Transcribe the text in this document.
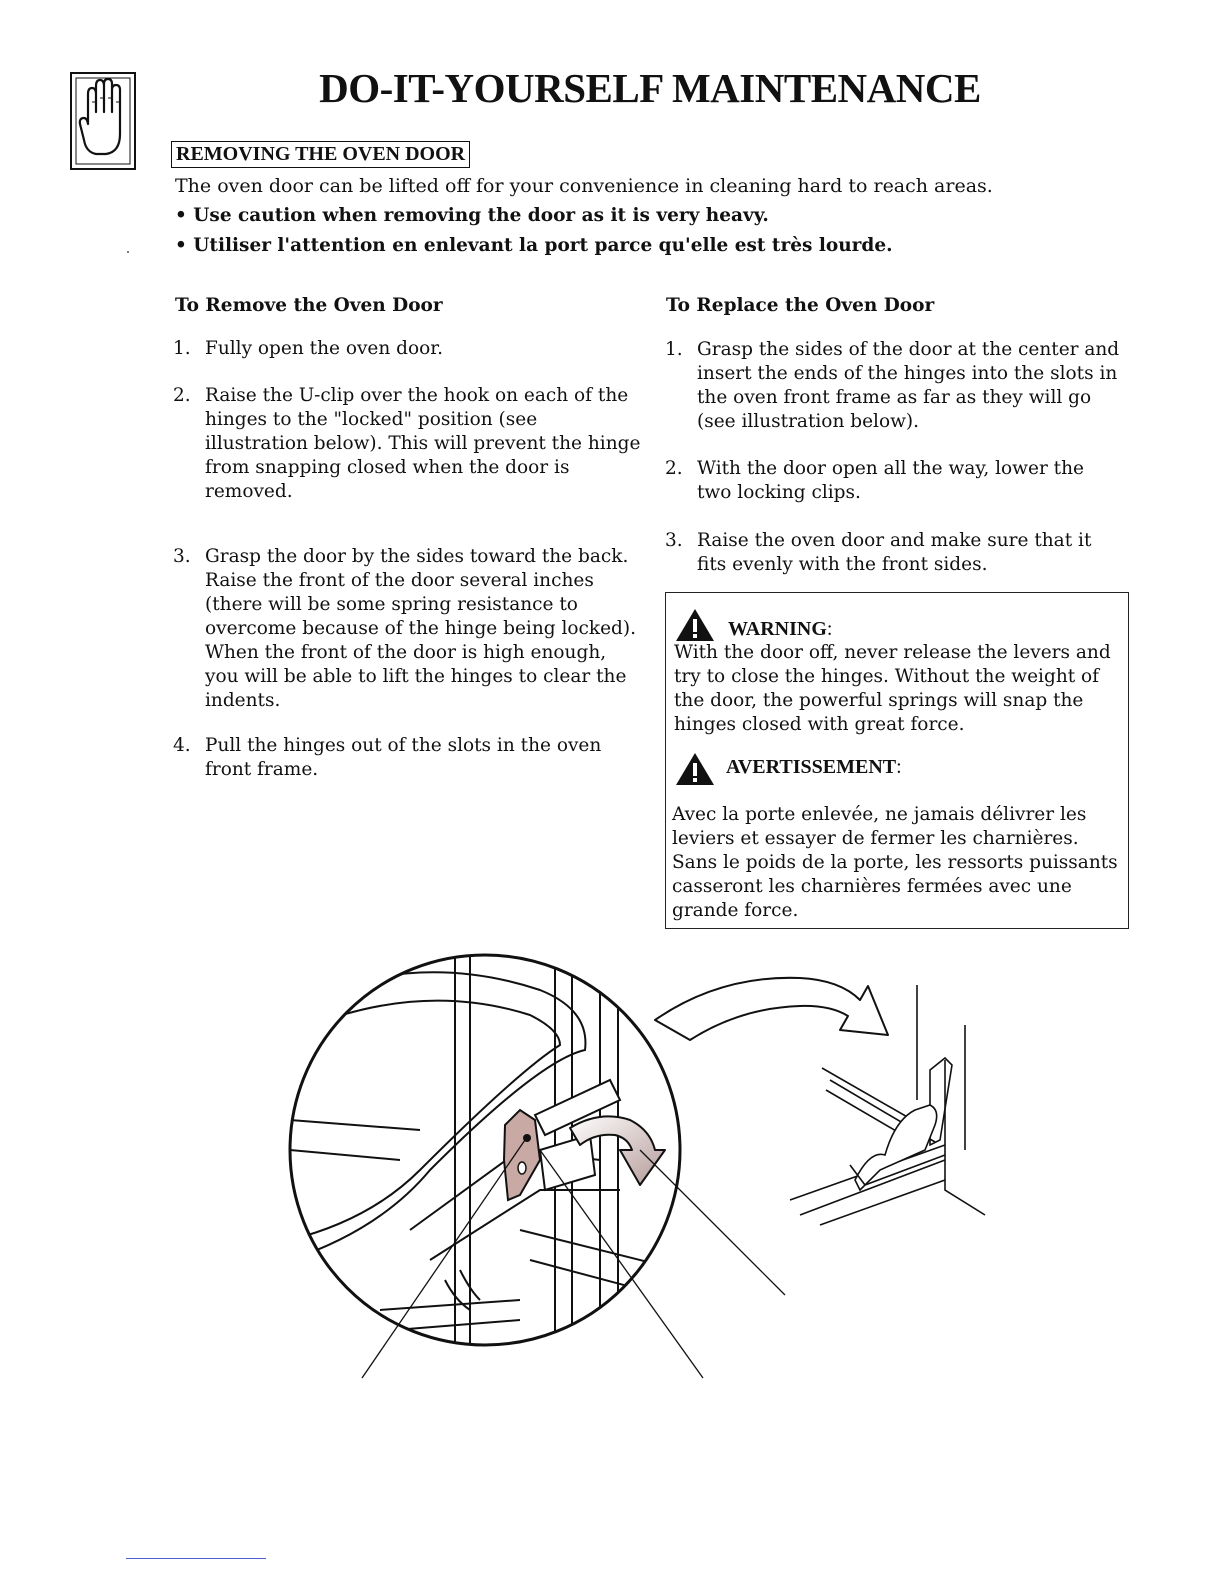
DO-IT-YOURSELF MAINTENANCE
REMOVING THE OVEN DOOR
The oven door can be lifted off for your convenience in cleaning hard to reach areas.
• Use caution when removing the door as it is very heavy.
• Utiliser l'attention en enlevant la port parce qu'elle est très lourde.
To Remove the Oven Door
1. Fully open the oven door.
2. Raise the U-clip over the hook on each of the hinges to the "locked" position (see illustration below). This will prevent the hinge from snapping closed when the door is removed.
3. Grasp the door by the sides toward the back. Raise the front of the door several inches (there will be some spring resistance to overcome because of the hinge being locked). When the front of the door is high enough, you will be able to lift the hinges to clear the indents.
4. Pull the hinges out of the slots in the oven front frame.
To Replace the Oven Door
1. Grasp the sides of the door at the center and insert the ends of the hinges into the slots in the oven front frame as far as they will go (see illustration below).
2. With the door open all the way, lower the two locking clips.
3. Raise the oven door and make sure that it fits evenly with the front sides.
WARNING:
With the door off, never release the levers and try to close the hinges. Without the weight of the door, the powerful springs will snap the hinges closed with great force.
AVERTISSEMENT:
Avec la porte enlevée, ne jamais délivrer les leviers et essayer de fermer les charnières. Sans le poids de la porte, les ressorts puissants casseront les charnières fermées avec une grande force.
